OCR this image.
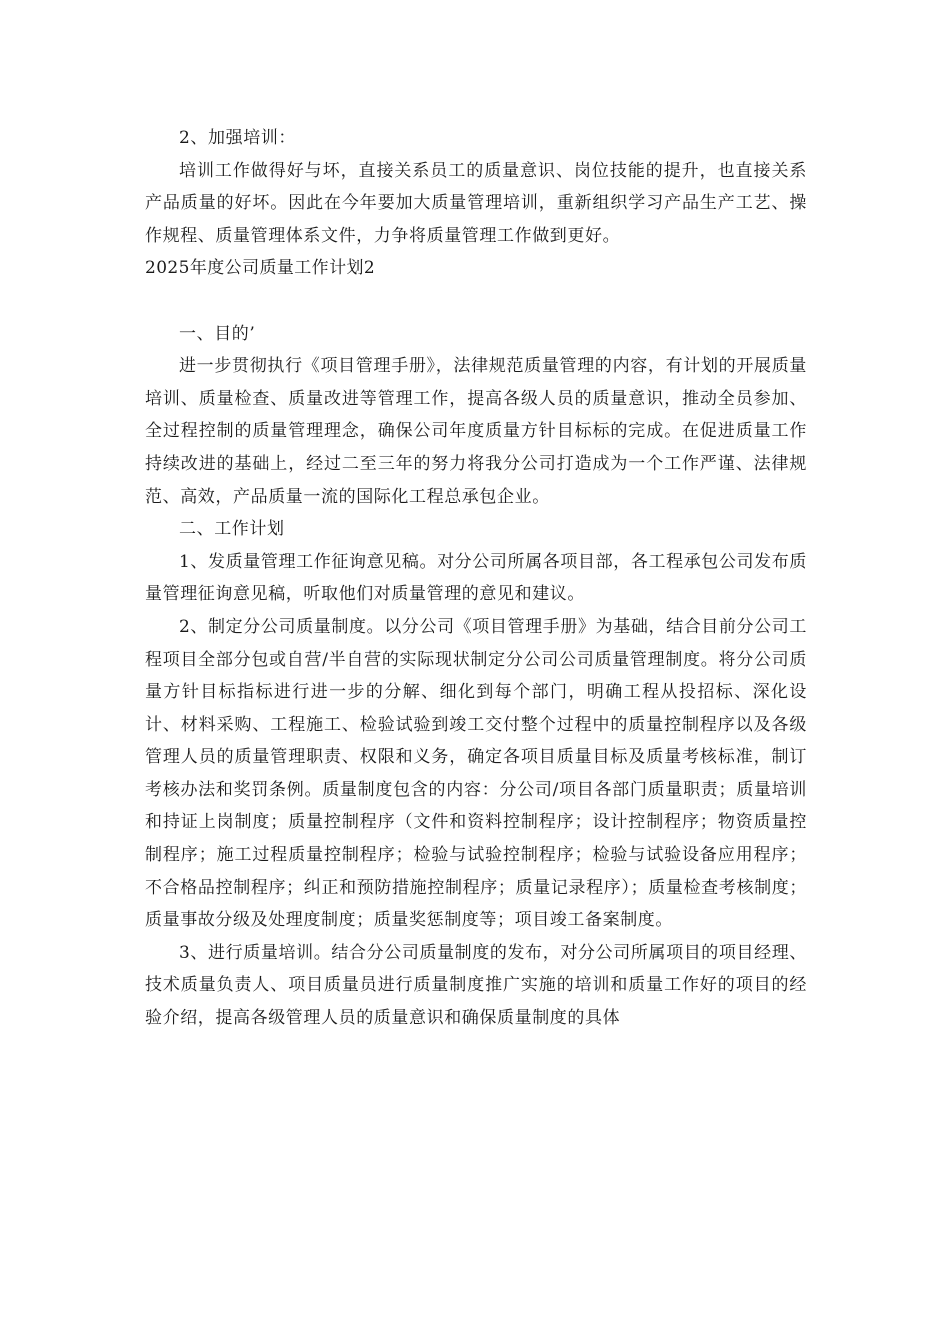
2、加强培训：

培训工作做得好与坏，直接关系员工的质量意识、岗位技能的提升，也直接关系产品质量的好坏。因此在今年要加大质量管理培训，重新组织学习产品生产工艺、操作规程、质量管理体系文件，力争将质量管理工作做到更好。

2025年度公司质量工作计划2

一、目的’

进一步贯彻执行《项目管理手册》，法律规范质量管理的内容，有计划的开展质量培训、质量检查、质量改进等管理工作，提高各级人员的质量意识，推动全员参加、全过程控制的质量管理理念，确保公司年度质量方针目标标的完成。在促进质量工作持续改进的基础上，经过二至三年的努力将我分公司打造成为一个工作严谨、法律规范、高效，产品质量一流的国际化工程总承包企业。

二、工作计划

1、发质量管理工作征询意见稿。对分公司所属各项目部，各工程承包公司发布质量管理征询意见稿，听取他们对质量管理的意见和建议。

2、制定分公司质量制度。以分公司《项目管理手册》为基础，结合目前分公司工程项目全部分包或自营/半自营的实际现状制定分公司公司质量管理制度。将分公司质量方针目标指标进行进一步的分解、细化到每个部门，明确工程从投招标、深化设计、材料采购、工程施工、检验试验到竣工交付整个过程中的质量控制程序以及各级管理人员的质量管理职责、权限和义务，确定各项目质量目标及质量考核标准，制订考核办法和奖罚条例。质量制度包含的内容：分公司/项目各部门质量职责；质量培训和持证上岗制度；质量控制程序（文件和资料控制程序；设计控制程序；物资质量控制程序；施工过程质量控制程序；检验与试验控制程序；检验与试验设备应用程序；不合格品控制程序；纠正和预防措施控制程序；质量记录程序）；质量检查考核制度；质量事故分级及处理度制度；质量奖惩制度等；项目竣工备案制度。

3、进行质量培训。结合分公司质量制度的发布，对分公司所属项目的项目经理、技术质量负责人、项目质量员进行质量制度推广实施的培训和质量工作好的项目的经验介绍，提高各级管理人员的质量意识和确保质量制度的具体
